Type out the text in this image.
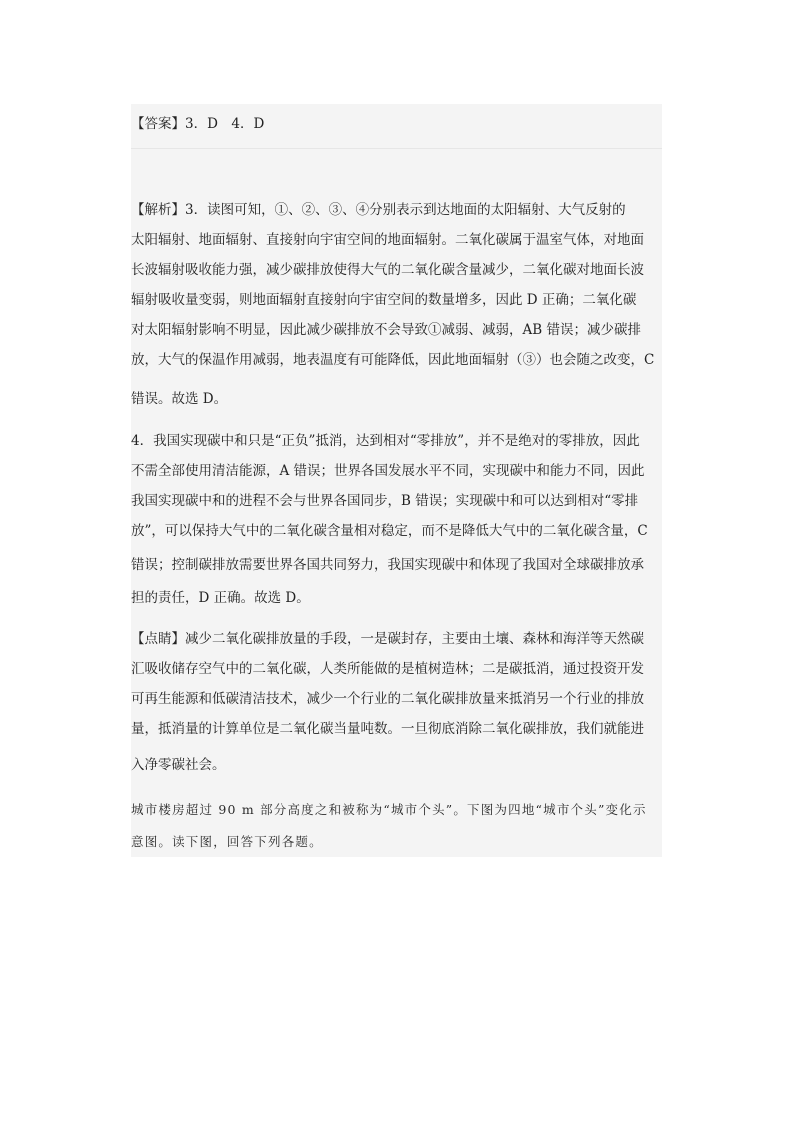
【答案】3．D　4．D

【解析】3．读图可知，①、②、③、④分别表示到达地面的太阳辐射、大气反射的

太阳辐射、地面辐射、直接射向宇宙空间的地面辐射。二氧化碳属于温室气体，对地面

长波辐射吸收能力强，减少碳排放使得大气的二氧化碳含量减少，二氧化碳对地面长波

辐射吸收量变弱，则地面辐射直接射向宇宙空间的数量增多，因此 D 正确；二氧化碳

对太阳辐射影响不明显，因此减少碳排放不会导致①减弱、减弱，AB 错误；减少碳排

放，大气的保温作用减弱，地表温度有可能降低，因此地面辐射（③）也会随之改变，C

错误。故选 D。

4．我国实现碳中和只是“正负”抵消，达到相对“零排放”，并不是绝对的零排放，因此

不需全部使用清洁能源，A 错误；世界各国发展水平不同，实现碳中和能力不同，因此

我国实现碳中和的进程不会与世界各国同步，B 错误；实现碳中和可以达到相对“零排

放”，可以保持大气中的二氧化碳含量相对稳定，而不是降低大气中的二氧化碳含量，C

错误；控制碳排放需要世界各国共同努力，我国实现碳中和体现了我国对全球碳排放承

担的责任，D 正确。故选 D。

【点睛】减少二氧化碳排放量的手段，一是碳封存，主要由土壤、森林和海洋等天然碳

汇吸收储存空气中的二氧化碳，人类所能做的是植树造林；二是碳抵消，通过投资开发

可再生能源和低碳清洁技术，减少一个行业的二氧化碳排放量来抵消另一个行业的排放

量，抵消量的计算单位是二氧化碳当量吨数。一旦彻底消除二氧化碳排放，我们就能进

入净零碳社会。

城市楼房超过 90 m 部分高度之和被称为“城市个头”。下图为四地“城市个头”变化示

意图。读下图，回答下列各题。
